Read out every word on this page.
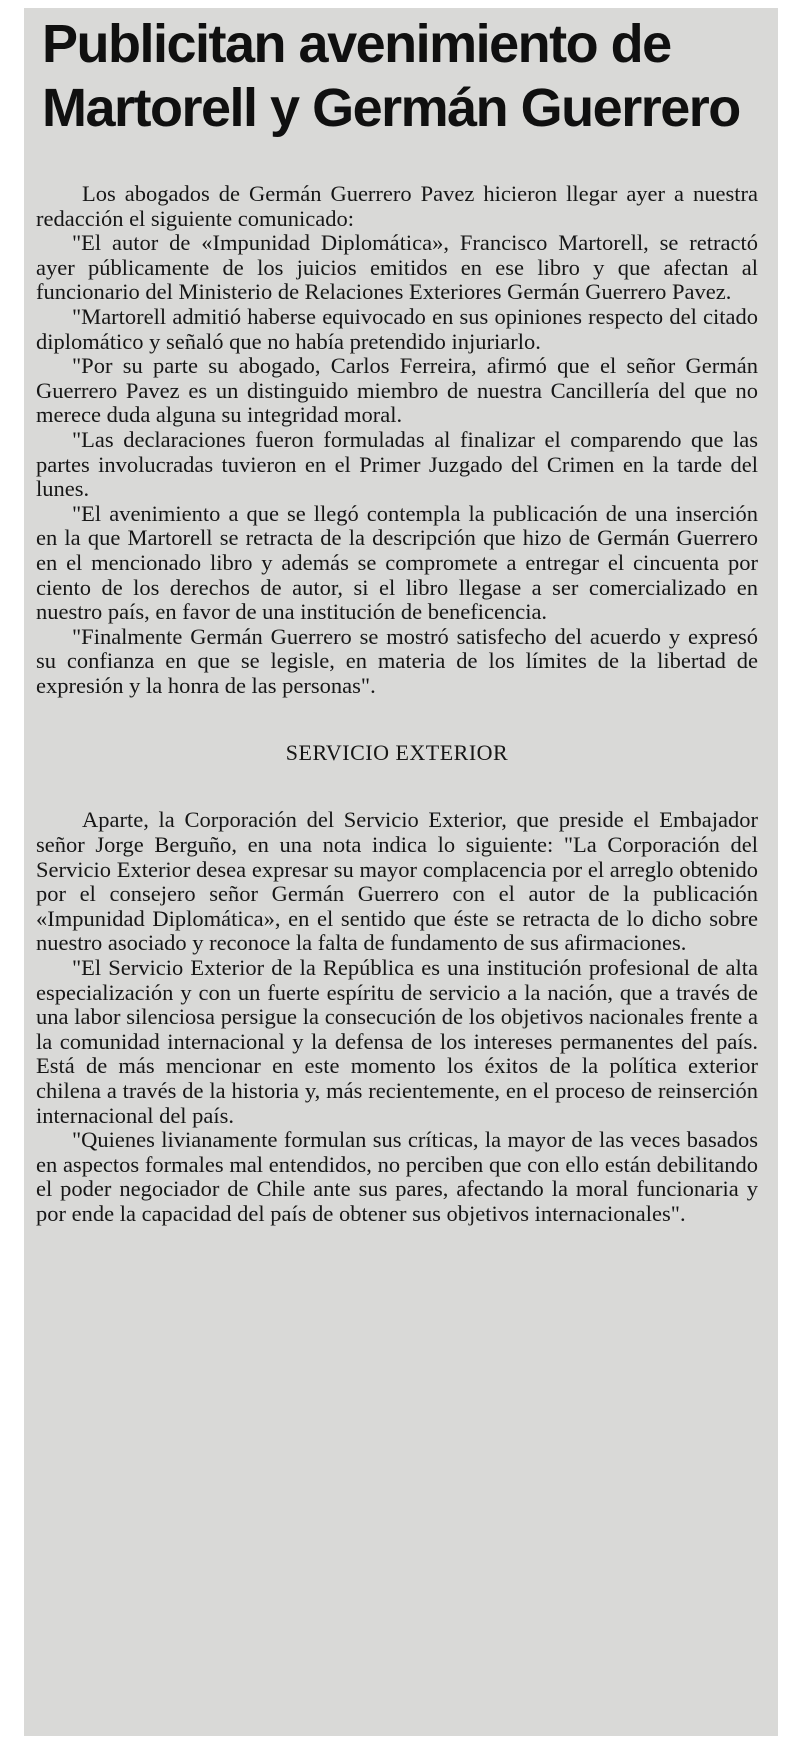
Publicitan avenimiento de
Martorell y Germán Guerrero

Los abogados de Germán Guerrero Pavez hicieron llegar ayer a nuestra redacción el siguiente comunicado:

"El autor de «Impunidad Diplomática», Francisco Martorell, se retractó ayer públicamente de los juicios emitidos en ese libro y que afectan al funcionario del Ministerio de Relaciones Exteriores Germán Guerrero Pavez.

"Martorell admitió haberse equivocado en sus opiniones respecto del citado diplomático y señaló que no había pretendido injuriarlo.

"Por su parte su abogado, Carlos Ferreira, afirmó que el señor Germán Guerrero Pavez es un distinguido miembro de nuestra Cancillería del que no merece duda alguna su integridad moral.

"Las declaraciones fueron formuladas al finalizar el comparendo que las partes involucradas tuvieron en el Primer Juzgado del Crimen en la tarde del lunes.

"El avenimiento a que se llegó contempla la publicación de una inserción en la que Martorell se retracta de la descripción que hizo de Germán Guerrero en el mencionado libro y además se compromete a entregar el cincuenta por ciento de los derechos de autor, si el libro llegase a ser comercializado en nuestro país, en favor de una institución de beneficencia.

"Finalmente Germán Guerrero se mostró satisfecho del acuerdo y expresó su confianza en que se legisle, en materia de los límites de la libertad de expresión y la honra de las personas".

SERVICIO EXTERIOR

Aparte, la Corporación del Servicio Exterior, que preside el Embajador señor Jorge Berguño, en una nota indica lo siguiente: "La Corporación del Servicio Exterior desea expresar su mayor complacencia por el arreglo obtenido por el consejero señor Germán Guerrero con el autor de la publicación «Impunidad Diplomática», en el sentido que éste se retracta de lo dicho sobre nuestro asociado y reconoce la falta de fundamento de sus afirmaciones.

"El Servicio Exterior de la República es una institución profesional de alta especialización y con un fuerte espíritu de servicio a la nación, que a través de una labor silenciosa persigue la consecución de los objetivos nacionales frente a la comunidad internacional y la defensa de los intereses permanentes del país. Está de más mencionar en este momento los éxitos de la política exterior chilena a través de la historia y, más recientemente, en el proceso de reinserción internacional del país.

"Quienes livianamente formulan sus críticas, la mayor de las veces basados en aspectos formales mal entendidos, no perciben que con ello están debilitando el poder negociador de Chile ante sus pares, afectando la moral funcionaria y por ende la capacidad del país de obtener sus objetivos internacionales".
